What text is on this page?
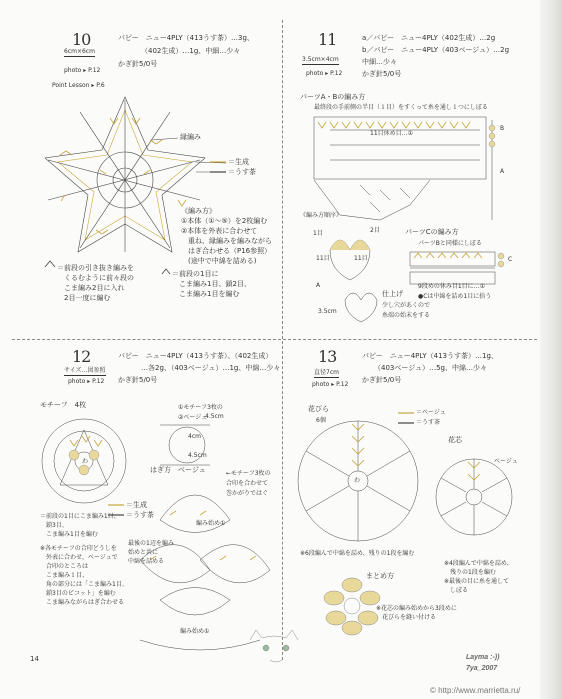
10
6cm×6cm
photo ▸ P.12
Point Lesson ▸ P.6
パピー　ニュー4PLY（413うす茶）…3g、
（402生成）…1g、中細…少々
かぎ針5/0号
縁編み
＝生成
＝うす茶
《編み方》
①本体（①〜⑤）を2枚編む
②本体を外表に合わせて
　重ね、縁編みを編みながら
　はぎ合わせる（P16参照）
　(途中で中綿を詰める)
＝前段の引き抜き編みを
　くるむように前々段の
　こま編み2目に入れ
　2目一度に編む
＝前段の1目に
　こま編み1目、鎖2目、
　こま編み1目を編む
11
3.5cm×4cm
photo ▸ P.12
a／パピー　ニュー4PLY（402生成）…2g
b／パピー　ニュー4PLY（403ベージュ）…2g
中細…少々
かぎ針5/0号
パーツA・Bの編み方
最終段の手前側の半目（１目）をすくって糸を通し１つにしぼる
11目休め目…①
B
A
《編み方順序》
1目	2目
11目	11目
A
パーツCの編み方
パーツBと同様にしぼる
C
9段めの休み目1目に…①
●Cは中綿を詰め1目に拾う
仕上げ
少し穴があくので
糸端の始末をする
3.5cm
12
サイズ…図参照
photo ▸ P.12
パピー　ニュー4PLY（413うす茶）、（402生成）
…各2g、（403ベージュ）…1g、中綿…少々
かぎ針5/0号
モチーフ　4枚
わ
4.5cm
4cm
4.5cm
①モチーフ3枚の
②ベージュ
はぎ方　ベージュ	←モチーフ3枚の
合印を合わせて
巻かがりではぐ
＝生成
＝うす茶
編み始め①
＝前段の1目にこま編み1目、
　鎖3目、
　こま編み1目を編む
※各モチーフの合印どうしを
　外表に合わせ、ベージュで
　合印のところは
　こま編み１目、
　角の部分には「こま編み1目、
　鎖3目のピコット」を編む
　こま編みながらはぎ合わせる
最後の1辺を編み
始めと共に
中綿を詰める
編み始め①
13
直径7cm
photo ▸ P.12
パピー　ニュー4PLY（413うす茶）…1g、
（403ベージュ）…5g、中綿…少々
かぎ針5/0号
花びら
6個
＝ベージュ
＝うす茶
花芯
ベージュ
わ
※6段編んで中綿を詰め、残りの1段を編む
※4段編んで中綿を詰め、
　残りの1段を編む
※最後の目に糸を通して
　しぼる
まとめ方
※花芯の編み始めから3段めに
　花びらを縫い付ける
14	Layma :-))
7ya_2007
© http://www.marrietta.ru/
